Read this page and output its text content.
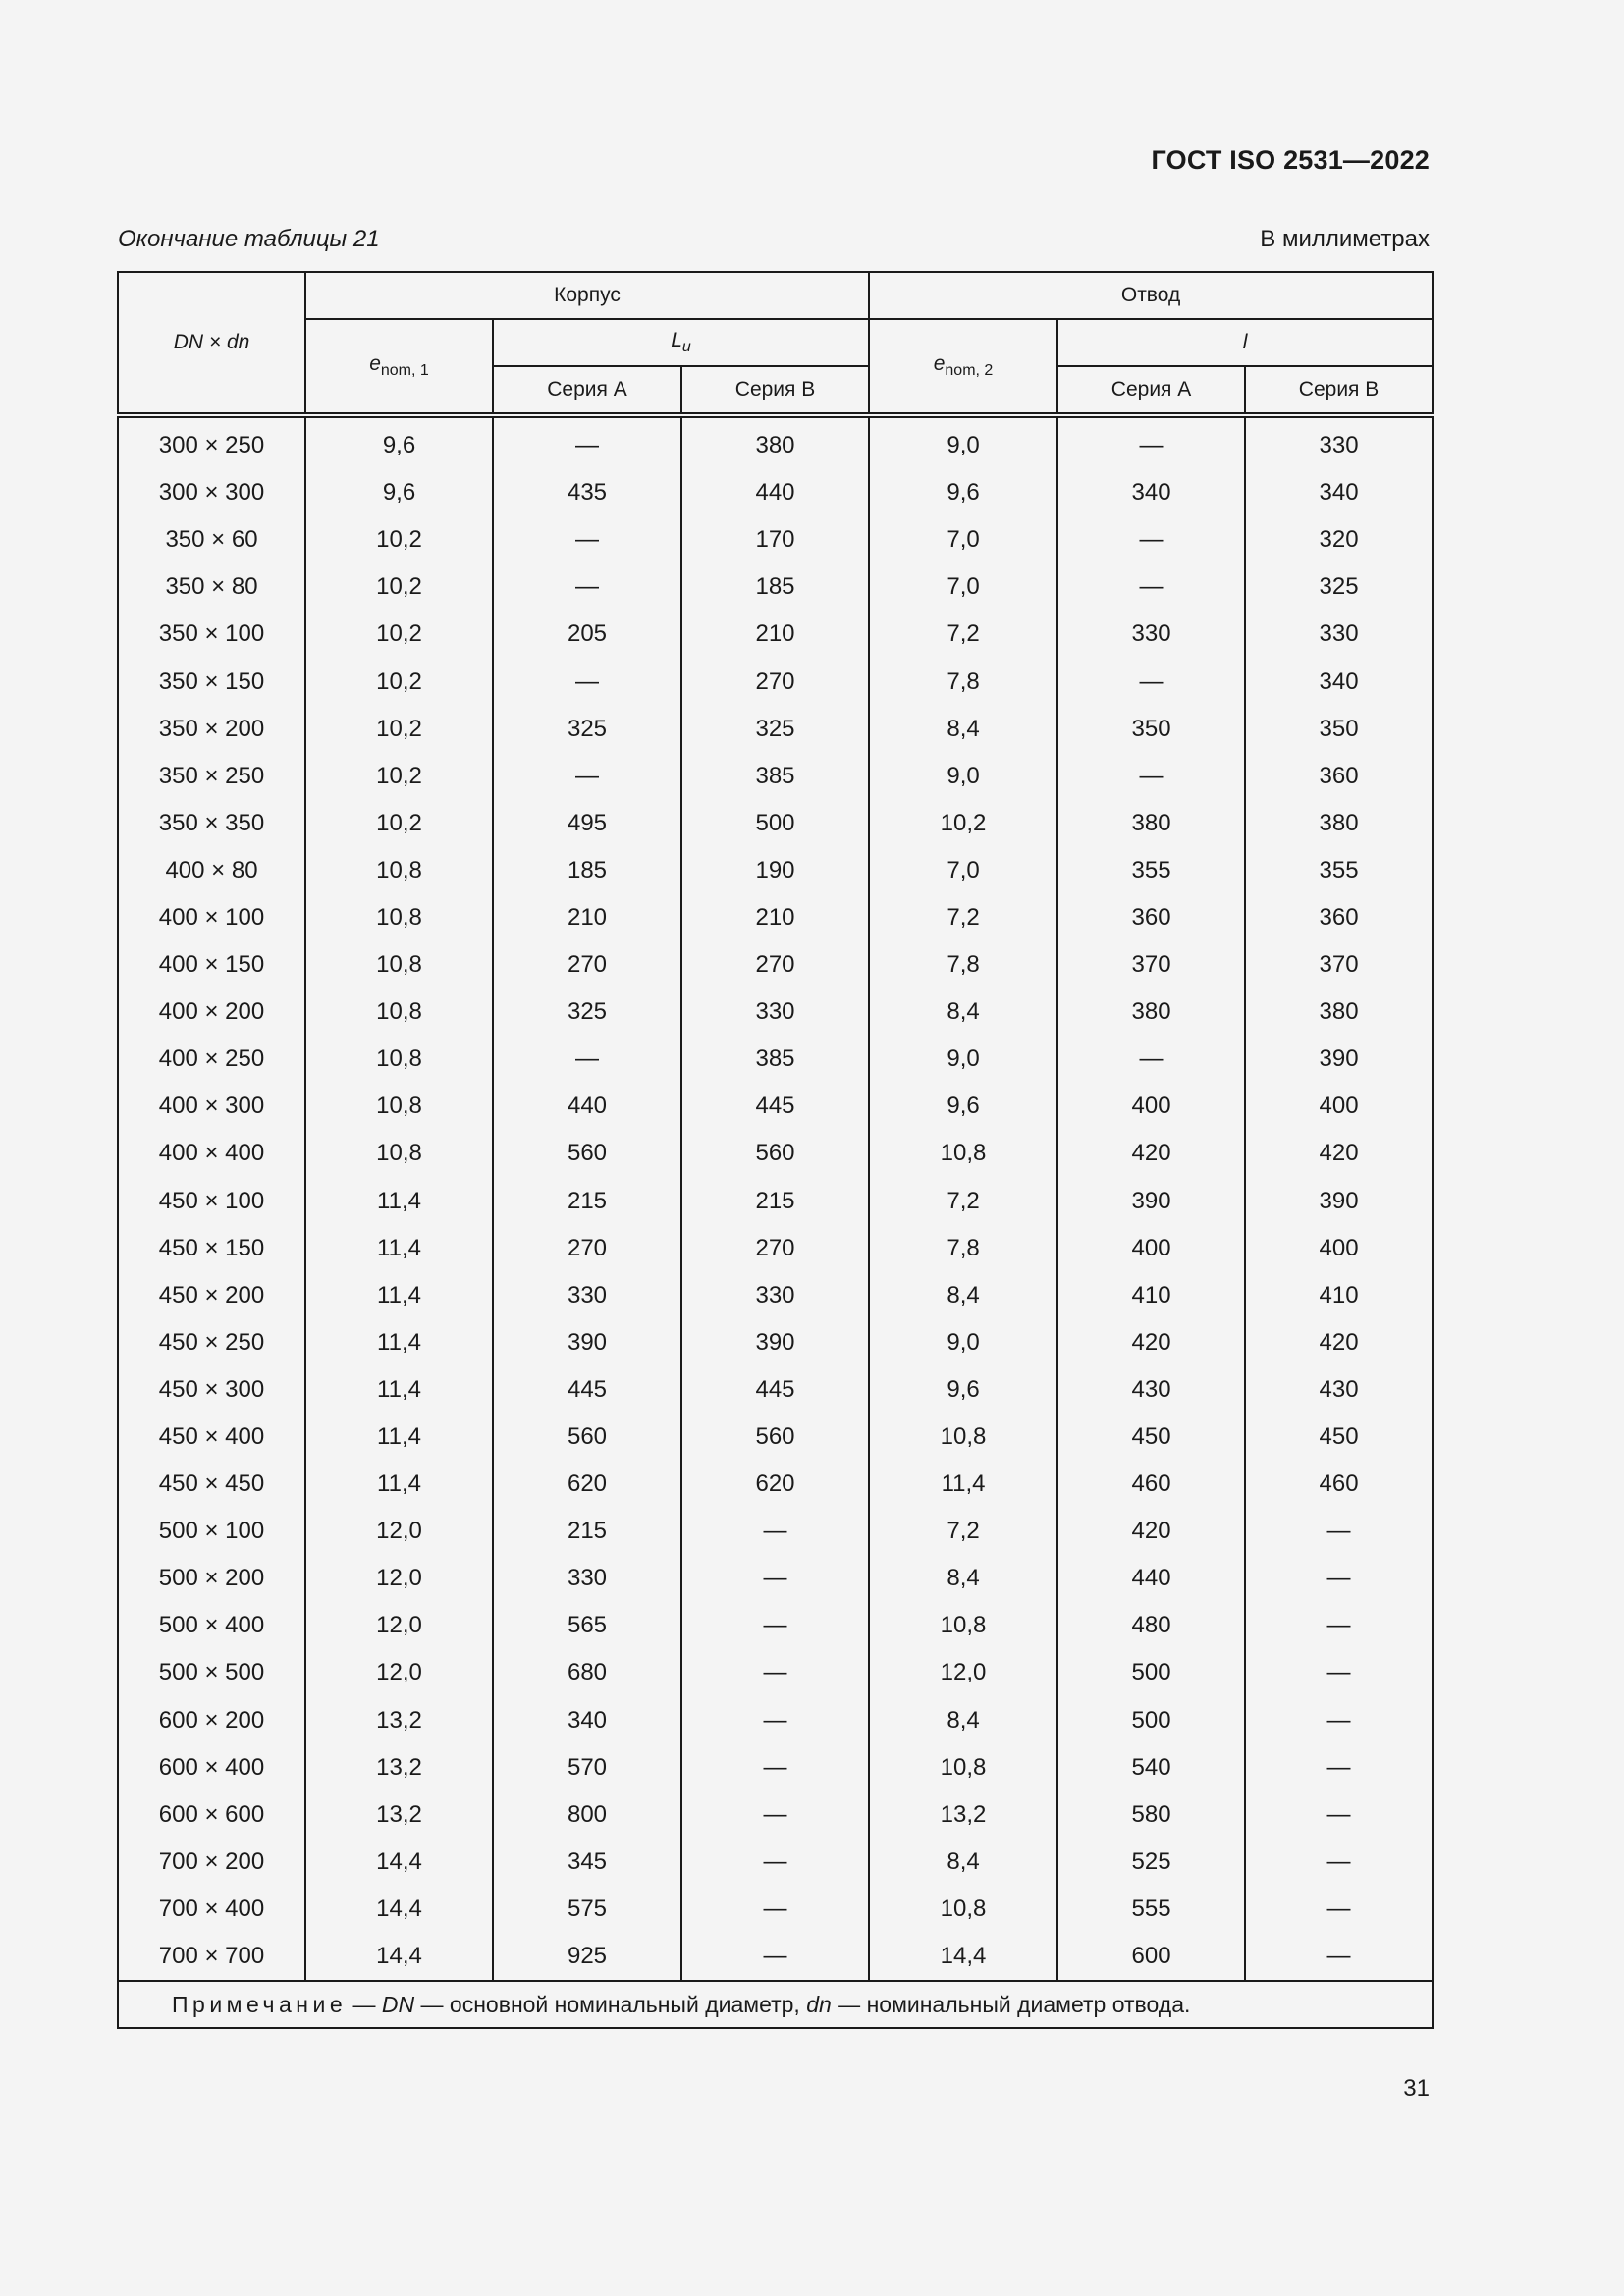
ГОСТ ISO 2531—2022
Окончание таблицы 21	В миллиметрах
DN × dn	Корпус			Отвод		
	$e_{nom, 1}$	$L_u$		$e_{nom, 2}$	l	
		Серия A	Серия B		Серия A	Серия B
300 × 250	9,6	—	380	9,0	—	330
300 × 300	9,6	435	440	9,6	340	340
350 × 60	10,2	—	170	7,0	—	320
350 × 80	10,2	—	185	7,0	—	325
350 × 100	10,2	205	210	7,2	330	330
350 × 150	10,2	—	270	7,8	—	340
350 × 200	10,2	325	325	8,4	350	350
350 × 250	10,2	—	385	9,0	—	360
350 × 350	10,2	495	500	10,2	380	380
400 × 80	10,8	185	190	7,0	355	355
400 × 100	10,8	210	210	7,2	360	360
400 × 150	10,8	270	270	7,8	370	370
400 × 200	10,8	325	330	8,4	380	380
400 × 250	10,8	—	385	9,0	—	390
400 × 300	10,8	440	445	9,6	400	400
400 × 400	10,8	560	560	10,8	420	420
450 × 100	11,4	215	215	7,2	390	390
450 × 150	11,4	270	270	7,8	400	400
450 × 200	11,4	330	330	8,4	410	410
450 × 250	11,4	390	390	9,0	420	420
450 × 300	11,4	445	445	9,6	430	430
450 × 400	11,4	560	560	10,8	450	450
450 × 450	11,4	620	620	11,4	460	460
500 × 100	12,0	215	—	7,2	420	—
500 × 200	12,0	330	—	8,4	440	—
500 × 400	12,0	565	—	10,8	480	—
500 × 500	12,0	680	—	12,0	500	—
600 × 200	13,2	340	—	8,4	500	—
600 × 400	13,2	570	—	10,8	540	—
600 × 600	13,2	800	—	13,2	580	—
700 × 200	14,4	345	—	8,4	525	—
700 × 400	14,4	575	—	10,8	555	—
700 × 700	14,4	925	—	14,4	600	—
Примечание — DN — основной номинальный диаметр, dn — номинальный диаметр отвода.						
31
